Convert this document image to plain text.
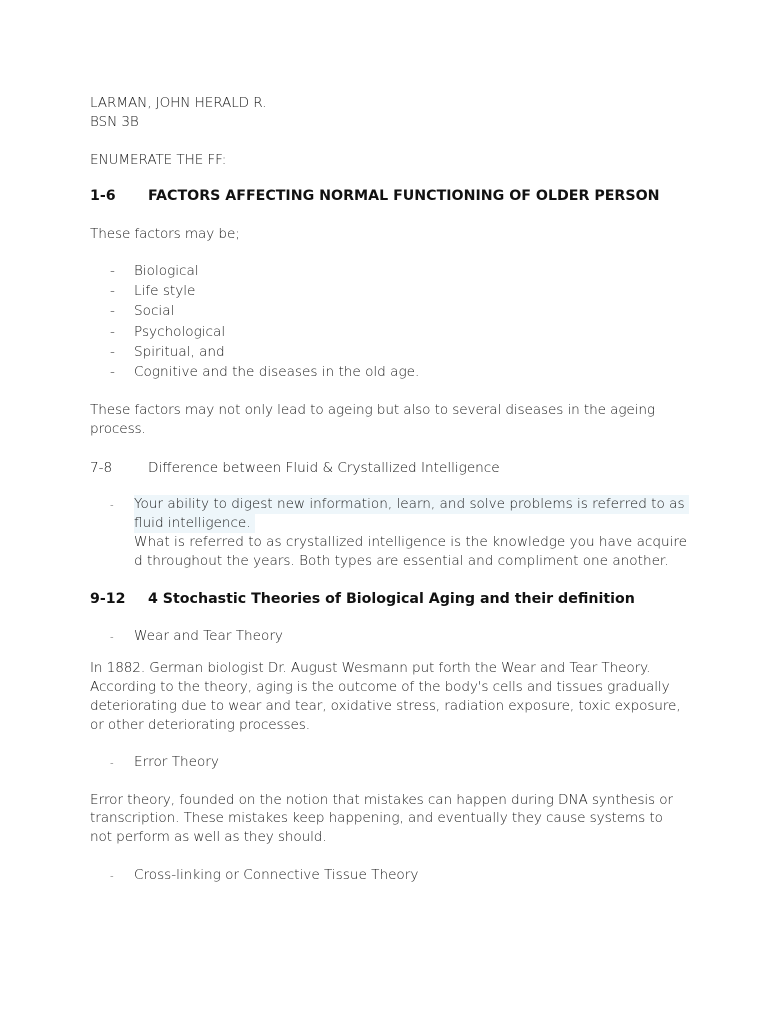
LARMAN, JOHN HERALD R.
BSN 3B
ENUMERATE THE FF:
1-6 FACTORS AFFECTING NORMAL FUNCTIONING OF OLDER PERSON
These factors may be;
- Biological
- Life style
- Social
- Psychological
- Spiritual, and
- Cognitive and the diseases in the old age.
These factors may not only lead to ageing but also to several diseases in the ageing
process.
7-8	Difference between Fluid & Crystallized Intelligence
- Your ability to digest new information, learn, and solve problems is referred to as
fluid intelligence.
What is referred to as crystallized intelligence is the knowledge you have acquire
d throughout the years. Both types are essential and compliment one another.
9-12 4 Stochastic Theories of Biological Aging and their definition
- Wear and Tear Theory
In 1882. German biologist Dr. August Wesmann put forth the Wear and Tear Theory.
According to the theory, aging is the outcome of the body's cells and tissues gradually
deteriorating due to wear and tear, oxidative stress, radiation exposure, toxic exposure,
or other deteriorating processes.
- Error Theory
Error theory, founded on the notion that mistakes can happen during DNA synthesis or
transcription. These mistakes keep happening, and eventually they cause systems to
not perform as well as they should.
- Cross-linking or Connective Tissue Theory
